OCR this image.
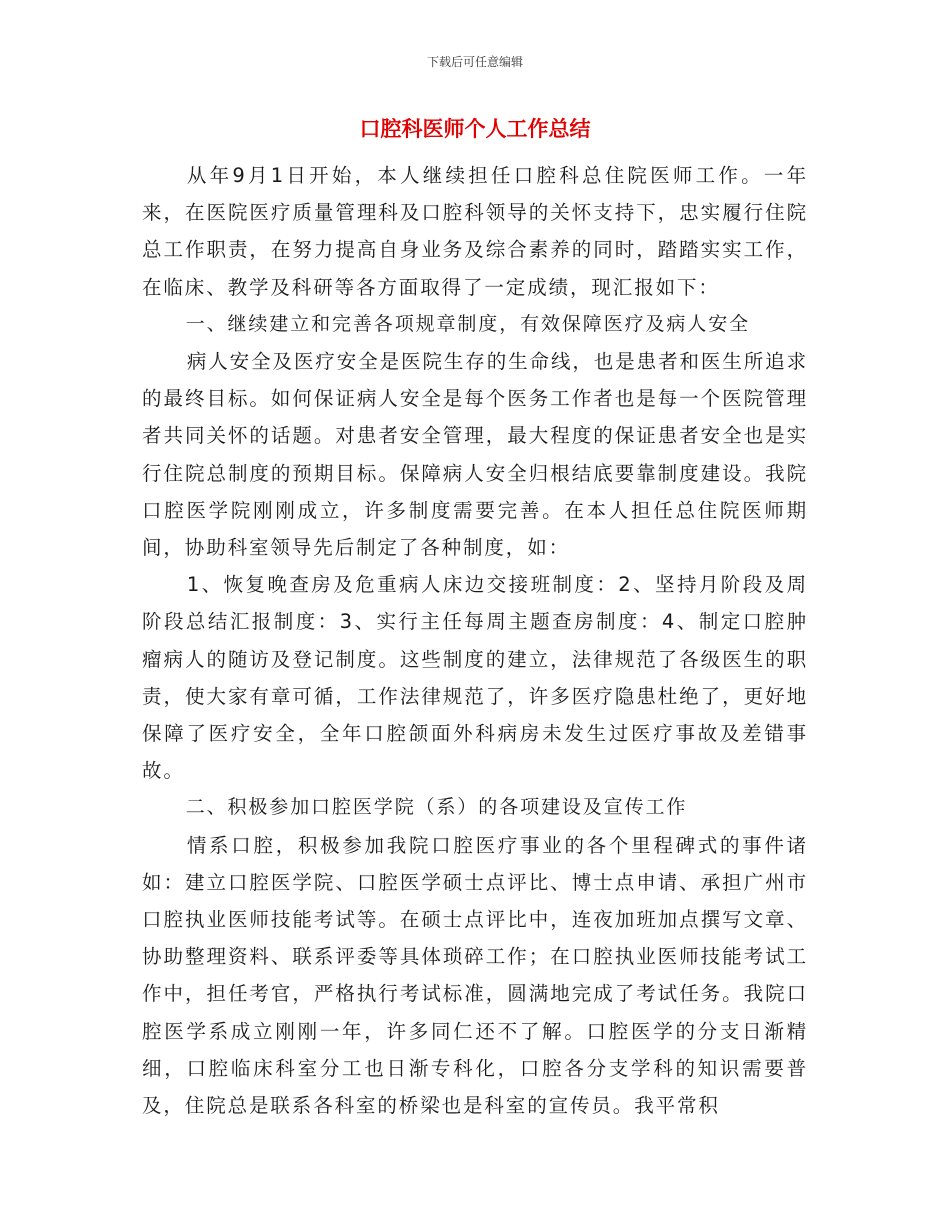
下载后可任意编辑
口腔科医师个人工作总结

从年9月1日开始，本人继续担任口腔科总住院医师工作。一年来，在医院医疗质量管理科及口腔科领导的关怀支持下，忠实履行住院总工作职责，在努力提高自身业务及综合素养的同时，踏踏实实工作，在临床、教学及科研等各方面取得了一定成绩，现汇报如下：

一、继续建立和完善各项规章制度，有效保障医疗及病人安全

病人安全及医疗安全是医院生存的生命线，也是患者和医生所追求的最终目标。如何保证病人安全是每个医务工作者也是每一个医院管理者共同关怀的话题。对患者安全管理，最大程度的保证患者安全也是实行住院总制度的预期目标。保障病人安全归根结底要靠制度建设。我院口腔医学院刚刚成立，许多制度需要完善。在本人担任总住院医师期间，协助科室领导先后制定了各种制度，如：

1、恢复晚查房及危重病人床边交接班制度：2、坚持月阶段及周阶段总结汇报制度：3、实行主任每周主题查房制度：4、制定口腔肿瘤病人的随访及登记制度。这些制度的建立，法律规范了各级医生的职责，使大家有章可循，工作法律规范了，许多医疗隐患杜绝了，更好地保障了医疗安全，全年口腔颌面外科病房未发生过医疗事故及差错事故。

二、积极参加口腔医学院（系）的各项建设及宣传工作

情系口腔，积极参加我院口腔医疗事业的各个里程碑式的事件诸如：建立口腔医学院、口腔医学硕士点评比、博士点申请、承担广州市口腔执业医师技能考试等。在硕士点评比中，连夜加班加点撰写文章、协助整理资料、联系评委等具体琐碎工作；在口腔执业医师技能考试工作中，担任考官，严格执行考试标准，圆满地完成了考试任务。我院口腔医学系成立刚刚一年，许多同仁还不了解。口腔医学的分支日渐精细，口腔临床科室分工也日渐专科化，口腔各分支学科的知识需要普及，住院总是联系各科室的桥梁也是科室的宣传员。我平常积
